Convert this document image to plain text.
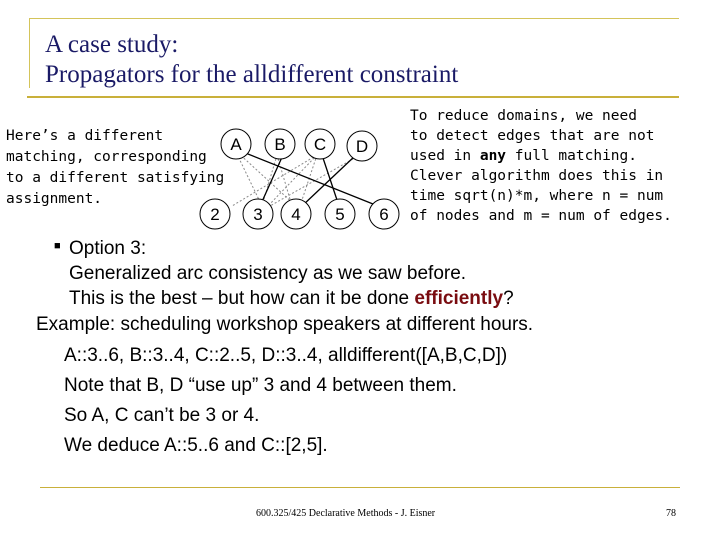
A case study:
Propagators for the alldifferent constraint
Here’s a different
matching, corresponding
to a different satisfying
assignment.
A B C D
2 3 4 5 6
To reduce domains, we need
to detect edges that are not
used in any full matching.
Clever algorithm does this in
time sqrt(n)*m, where n = num
of nodes and m = num of edges.
■ Option 3:
Generalized arc consistency as we saw before.
This is the best – but how can it be done efficiently?
Example: scheduling workshop speakers at different hours.
A::3..6, B::3..4, C::2..5, D::3..4, alldifferent([A,B,C,D])
Note that B, D “use up” 3 and 4 between them.
So A, C can’t be 3 or 4.
We deduce A::5..6 and C::[2,5].
600.325/425 Declarative Methods - J. Eisner	78
